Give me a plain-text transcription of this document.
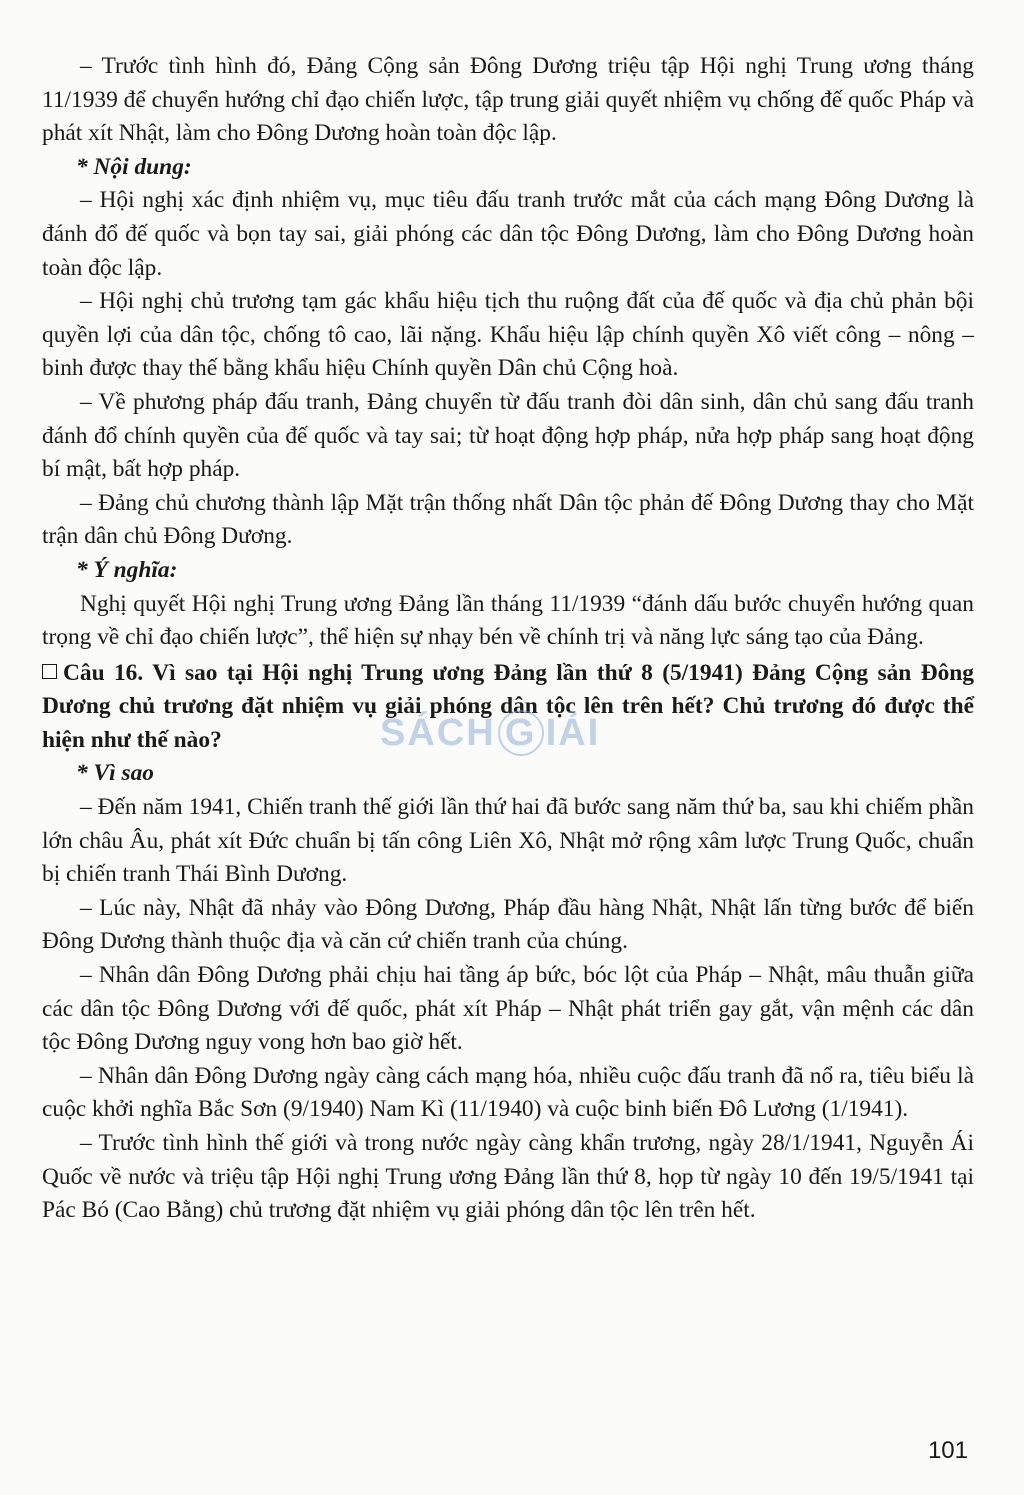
– Trước tình hình đó, Đảng Cộng sản Đông Dương triệu tập Hội nghị Trung ương tháng 11/1939 để chuyển hướng chỉ đạo chiến lược, tập trung giải quyết nhiệm vụ chống đế quốc Pháp và phát xít Nhật, làm cho Đông Dương hoàn toàn độc lập.

* Nội dung:

– Hội nghị xác định nhiệm vụ, mục tiêu đấu tranh trước mắt của cách mạng Đông Dương là đánh đổ đế quốc và bọn tay sai, giải phóng các dân tộc Đông Dương, làm cho Đông Dương hoàn toàn độc lập.

– Hội nghị chủ trương tạm gác khẩu hiệu tịch thu ruộng đất của đế quốc và địa chủ phản bội quyền lợi của dân tộc, chống tô cao, lãi nặng. Khẩu hiệu lập chính quyền Xô viết công – nông – binh được thay thế bằng khẩu hiệu Chính quyền Dân chủ Cộng hoà.

– Về phương pháp đấu tranh, Đảng chuyển từ đấu tranh đòi dân sinh, dân chủ sang đấu tranh đánh đổ chính quyền của đế quốc và tay sai; từ hoạt động hợp pháp, nửa hợp pháp sang hoạt động bí mật, bất hợp pháp.

– Đảng chủ chương thành lập Mặt trận thống nhất Dân tộc phản đế Đông Dương thay cho Mặt trận dân chủ Đông Dương.

* Ý nghĩa:

Nghị quyết Hội nghị Trung ương Đảng lần tháng 11/1939 “đánh dấu bước chuyển hướng quan trọng về chỉ đạo chiến lược”, thể hiện sự nhạy bén về chính trị và năng lực sáng tạo của Đảng.

Câu 16. Vì sao tại Hội nghị Trung ương Đảng lần thứ 8 (5/1941) Đảng Cộng sản Đông Dương chủ trương đặt nhiệm vụ giải phóng dân tộc lên trên hết? Chủ trương đó được thể hiện như thế nào?
* Vì sao

– Đến năm 1941, Chiến tranh thế giới lần thứ hai đã bước sang năm thứ ba, sau khi chiếm phần lớn châu Âu, phát xít Đức chuẩn bị tấn công Liên Xô, Nhật mở rộng xâm lược Trung Quốc, chuẩn bị chiến tranh Thái Bình Dương.

– Lúc này, Nhật đã nhảy vào Đông Dương, Pháp đầu hàng Nhật, Nhật lấn từng bước để biến Đông Dương thành thuộc địa và căn cứ chiến tranh của chúng.

– Nhân dân Đông Dương phải chịu hai tầng áp bức, bóc lột của Pháp – Nhật, mâu thuẫn giữa các dân tộc Đông Dương với đế quốc, phát xít Pháp – Nhật phát triển gay gắt, vận mệnh các dân tộc Đông Dương nguy vong hơn bao giờ hết.

– Nhân dân Đông Dương ngày càng cách mạng hóa, nhiều cuộc đấu tranh đã nổ ra, tiêu biểu là cuộc khởi nghĩa Bắc Sơn (9/1940) Nam Kì (11/1940) và cuộc binh biến Đô Lương (1/1941).

– Trước tình hình thế giới và trong nước ngày càng khẩn trương, ngày 28/1/1941, Nguyễn Ái Quốc về nước và triệu tập Hội nghị Trung ương Đảng lần thứ 8, họp từ ngày 10 đến 19/5/1941 tại Pác Bó (Cao Bằng) chủ trương đặt nhiệm vụ giải phóng dân tộc lên trên hết.

SÁCH G IẢI
101
